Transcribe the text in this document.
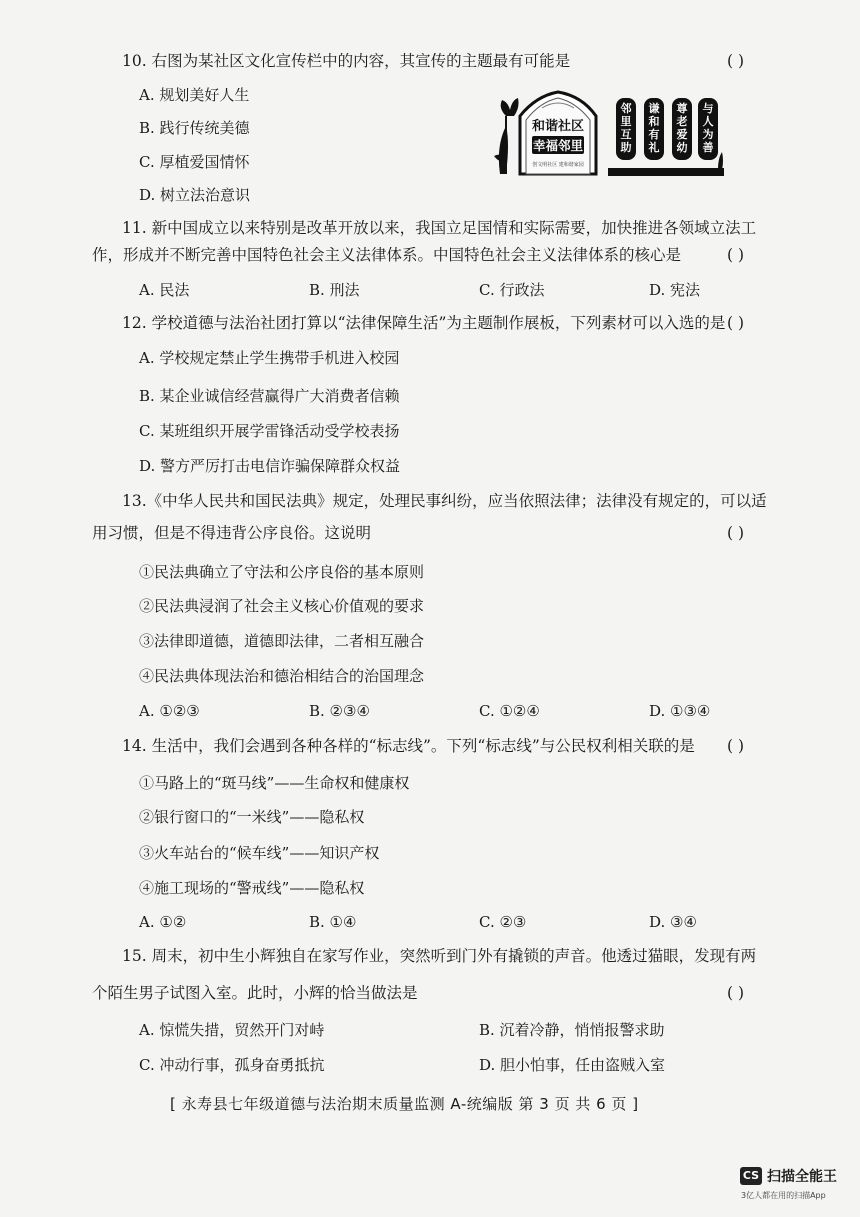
10. 右图为某社区文化宣传栏中的内容，其宣传的主题最有可能是	( )
A. 规划美好人生
B. 践行传统美德
C. 厚植爱国情怀
D. 树立法治意识
和谐社区
幸福邻里
创文明社区 建和谐家园
邻里互助
谦和有礼
尊老爱幼
与人为善
11. 新中国成立以来特别是改革开放以来，我国立足国情和实际需要，加快推进各领域立法工
作，形成并不断完善中国特色社会主义法律体系。中国特色社会主义法律体系的核心是	( )
A. 民法	B. 刑法	C. 行政法	D. 宪法
12. 学校道德与法治社团打算以“法律保障生活”为主题制作展板，下列素材可以入选的是 ( )
A. 学校规定禁止学生携带手机进入校园
B. 某企业诚信经营赢得广大消费者信赖
C. 某班组织开展学雷锋活动受学校表扬
D. 警方严厉打击电信诈骗保障群众权益
13.《中华人民共和国民法典》规定，处理民事纠纷，应当依照法律；法律没有规定的，可以适
用习惯，但是不得违背公序良俗。这说明	( )
①民法典确立了守法和公序良俗的基本原则
②民法典浸润了社会主义核心价值观的要求
③法律即道德，道德即法律，二者相互融合
④民法典体现法治和德治相结合的治国理念
A. ①②③	B. ②③④	C. ①②④	D. ①③④
14. 生活中，我们会遇到各种各样的“标志线”。下列“标志线”与公民权利相关联的是 ( )
①马路上的“斑马线”——生命权和健康权
②银行窗口的“一米线”——隐私权
③火车站台的“候车线”——知识产权
④施工现场的“警戒线”——隐私权
A. ①②	B. ①④	C. ②③	D. ③④
15. 周末，初中生小辉独自在家写作业，突然听到门外有撬锁的声音。他透过猫眼，发现有两
个陌生男子试图入室。此时，小辉的恰当做法是	( )
A. 惊慌失措，贸然开门对峙	B. 沉着冷静，悄悄报警求助
C. 冲动行事，孤身奋勇抵抗	D. 胆小怕事，任由盗贼入室
[ 永寿县七年级道德与法治期末质量监测 A-统编版 第 3 页 共 6 页 ]
CS 扫描全能王
3亿人都在用的扫描App
